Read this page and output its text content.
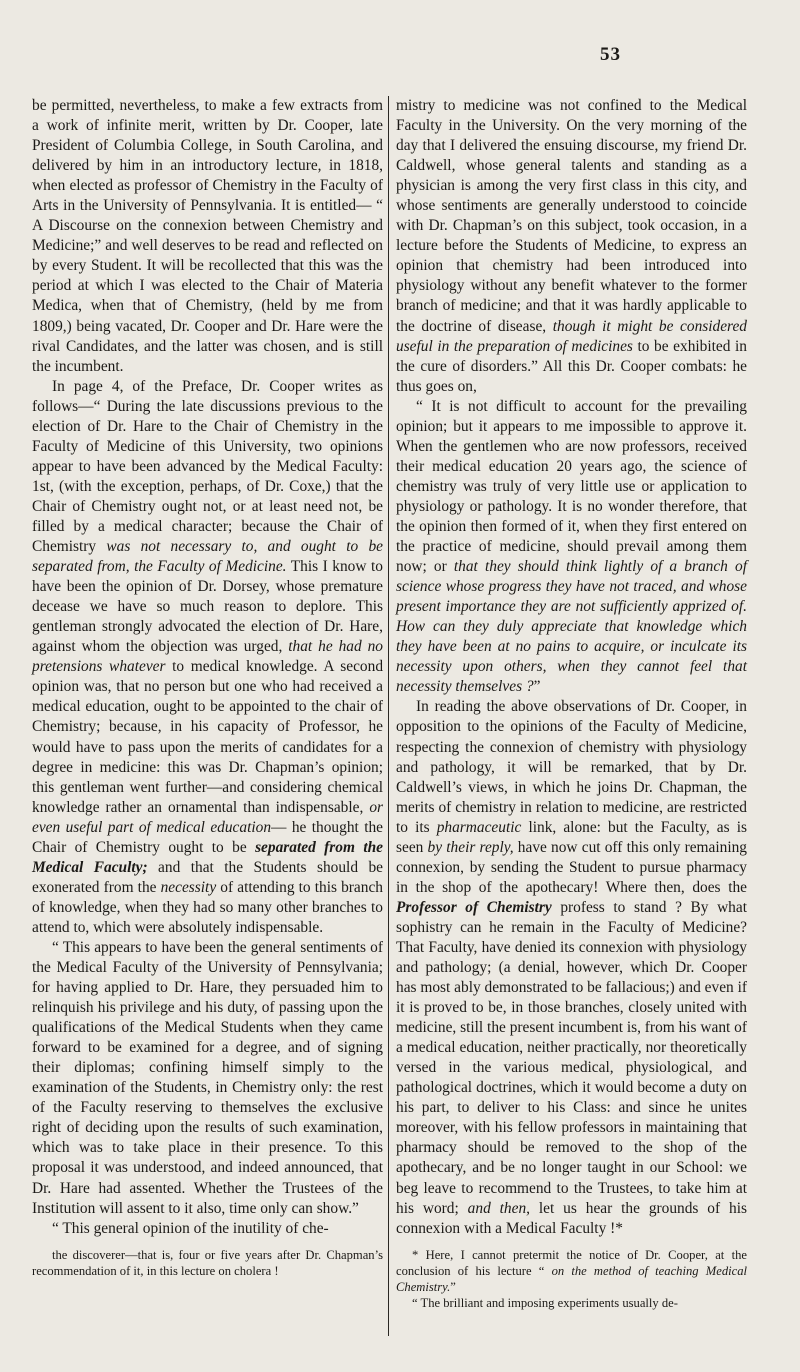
53

be permitted, nevertheless, to make a few extracts from a work of infinite merit, written by Dr. Cooper, late President of Columbia College, in South Carolina, and delivered by him in an introductory lecture, in 1818, when elected as professor of Chemistry in the Faculty of Arts in the University of Pennsylvania. It is entitled— “ A Discourse on the connexion between Chemistry and Medicine;” and well deserves to be read and reflected on by every Student. It will be recollected that this was the period at which I was elected to the Chair of Materia Medica, when that of Chemistry, (held by me from 1809,) being vacated, Dr. Cooper and Dr. Hare were the rival Candidates, and the latter was chosen, and is still the incumbent.

In page 4, of the Preface, Dr. Cooper writes as follows—“ During the late discussions previous to the election of Dr. Hare to the Chair of Chemistry in the Faculty of Medicine of this University, two opinions appear to have been advanced by the Medical Faculty: 1st, (with the exception, perhaps, of Dr. Coxe,) that the Chair of Chemistry ought not, or at least need not, be filled by a medical character; because the Chair of Chemistry was not necessary to, and ought to be separated from, the Faculty of Medicine. This I know to have been the opinion of Dr. Dorsey, whose premature decease we have so much reason to deplore. This gentleman strongly advocated the election of Dr. Hare, against whom the objection was urged, that he had no pretensions whatever to medical knowledge. A second opinion was, that no person but one who had received a medical education, ought to be appointed to the chair of Chemistry; because, in his capacity of Professor, he would have to pass upon the merits of candidates for a degree in medicine: this was Dr. Chapman’s opinion; this gentleman went further—and considering chemical knowledge rather an ornamental than indispensable, or even useful part of medical education— he thought the Chair of Chemistry ought to be separated from the Medical Faculty; and that the Students should be exonerated from the necessity of attending to this branch of knowledge, when they had so many other branches to attend to, which were absolutely indispensable.

“ This appears to have been the general sentiments of the Medical Faculty of the University of Pennsylvania; for having applied to Dr. Hare, they persuaded him to relinquish his privilege and his duty, of passing upon the qualifications of the Medical Students when they came forward to be examined for a degree, and of signing their diplomas; confining himself simply to the examination of the Students, in Chemistry only: the rest of the Faculty reserving to themselves the exclusive right of deciding upon the results of such examination, which was to take place in their presence. To this proposal it was understood, and indeed announced, that Dr. Hare had assented. Whether the Trustees of the Institution will assent to it also, time only can show.”

“ This general opinion of the inutility of che-

the discoverer—that is, four or five years after Dr. Chapman’s recommendation of it, in this lecture on cholera !

mistry to medicine was not confined to the Medical Faculty in the University. On the very morning of the day that I delivered the ensuing discourse, my friend Dr. Caldwell, whose general talents and standing as a physician is among the very first class in this city, and whose sentiments are generally understood to coincide with Dr. Chapman’s on this subject, took occasion, in a lecture before the Students of Medicine, to express an opinion that chemistry had been introduced into physiology without any benefit whatever to the former branch of medicine; and that it was hardly applicable to the doctrine of disease, though it might be considered useful in the preparation of medicines to be exhibited in the cure of disorders.” All this Dr. Cooper combats: he thus goes on,

“ It is not difficult to account for the prevailing opinion; but it appears to me impossible to approve it. When the gentlemen who are now professors, received their medical education 20 years ago, the science of chemistry was truly of very little use or application to physiology or pathology. It is no wonder therefore, that the opinion then formed of it, when they first entered on the practice of medicine, should prevail among them now; or that they should think lightly of a branch of science whose progress they have not traced, and whose present importance they are not sufficiently apprized of. How can they duly appreciate that knowledge which they have been at no pains to acquire, or inculcate its necessity upon others, when they cannot feel that necessity themselves ?”

In reading the above observations of Dr. Cooper, in opposition to the opinions of the Faculty of Medicine, respecting the connexion of chemistry with physiology and pathology, it will be remarked, that by Dr. Caldwell’s views, in which he joins Dr. Chapman, the merits of chemistry in relation to medicine, are restricted to its pharmaceutic link, alone: but the Faculty, as is seen by their reply, have now cut off this only remaining connexion, by sending the Student to pursue pharmacy in the shop of the apothecary! Where then, does the Professor of Chemistry profess to stand ? By what sophistry can he remain in the Faculty of Medicine? That Faculty, have denied its connexion with physiology and pathology; (a denial, however, which Dr. Cooper has most ably demonstrated to be fallacious;) and even if it is proved to be, in those branches, closely united with medicine, still the present incumbent is, from his want of a medical education, neither practically, nor theoretically versed in the various medical, physiological, and pathological doctrines, which it would become a duty on his part, to deliver to his Class: and since he unites moreover, with his fellow professors in maintaining that pharmacy should be removed to the shop of the apothecary, and be no longer taught in our School: we beg leave to recommend to the Trustees, to take him at his word; and then, let us hear the grounds of his connexion with a Medical Faculty !*

* Here, I cannot pretermit the notice of Dr. Cooper, at the conclusion of his lecture “ on the method of teaching Medical Chemistry.”

“ The brilliant and imposing experiments usually de-
